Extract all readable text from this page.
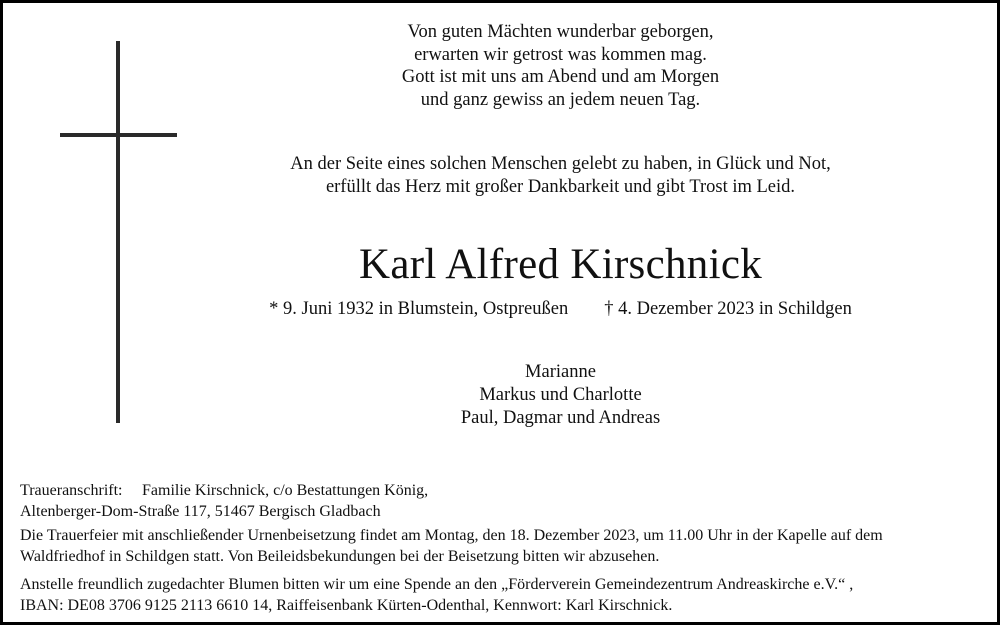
Von guten Mächten wunderbar geborgen,
erwarten wir getrost was kommen mag.
Gott ist mit uns am Abend und am Morgen
und ganz gewiss an jedem neuen Tag.
An der Seite eines solchen Menschen gelebt zu haben, in Glück und Not,
erfüllt das Herz mit großer Dankbarkeit und gibt Trost im Leid.
Karl Alfred Kirschnick
* 9. Juni 1932 in Blumstein, Ostpreußen † 4. Dezember 2023 in Schildgen
Marianne
Markus und Charlotte
Paul, Dagmar und Andreas
Traueranschrift: Familie Kirschnick, c/o Bestattungen König,
Altenberger-Dom-Straße 117, 51467 Bergisch Gladbach
Die Trauerfeier mit anschließender Urnenbeisetzung findet am Montag, den 18. Dezember 2023, um 11.00 Uhr in der Kapelle auf dem
Waldfriedhof in Schildgen statt. Von Beileidsbekundungen bei der Beisetzung bitten wir abzusehen.
Anstelle freundlich zugedachter Blumen bitten wir um eine Spende an den „Förderverein Gemeindezentrum Andreaskirche e.V.“ ,
IBAN: DE08 3706 9125 2113 6610 14, Raiffeisenbank Kürten-Odenthal, Kennwort: Karl Kirschnick.
